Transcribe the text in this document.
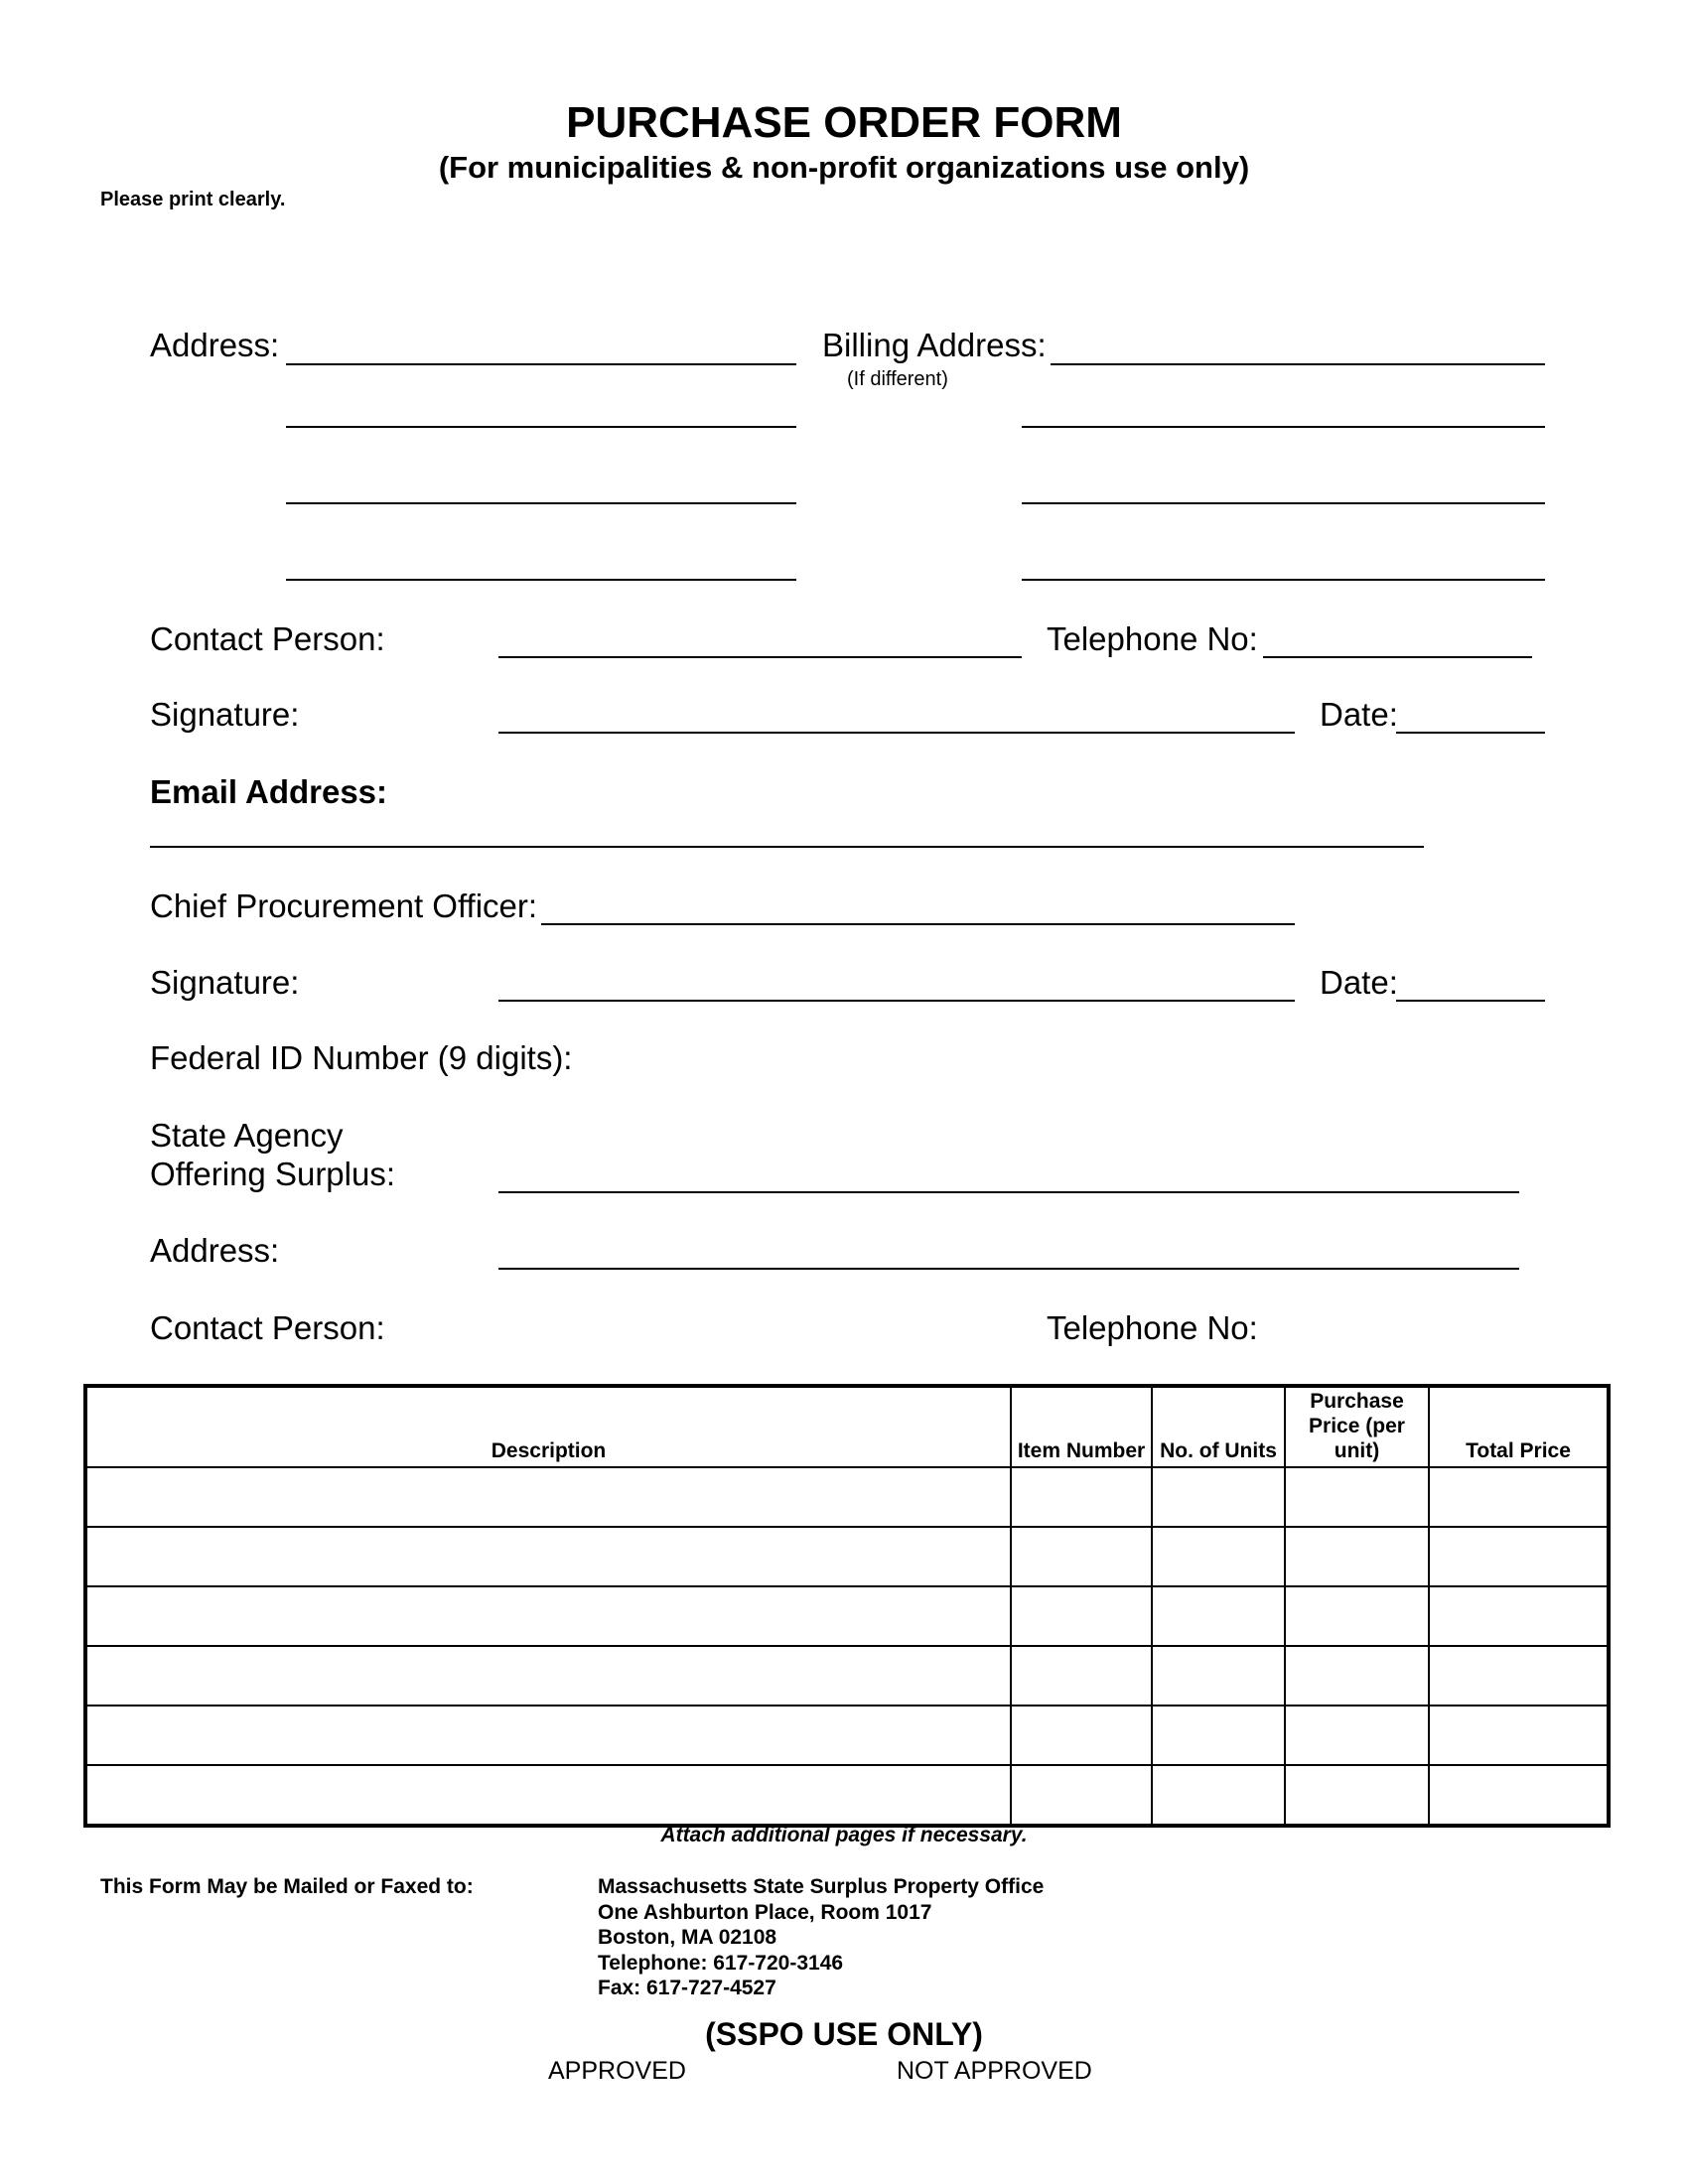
PURCHASE ORDER FORM
(For municipalities & non-profit organizations use only)
Please print clearly.
Address:	Billing Address:
(If different)
Contact Person:	Telephone No:
Signature:	Date:
Email Address:
Chief Procurement Officer:
Signature:	Date:
Federal ID Number (9 digits):
State Agency
Offering Surplus:
Address:
Contact Person:	Telephone No:
Description	Item Number	No. of Units	Purchase Price (per unit)	Total Price

Attach additional pages if necessary.
This Form May be Mailed or Faxed to:	Massachusetts State Surplus Property Office
One Ashburton Place, Room 1017
Boston, MA 02108
Telephone: 617-720-3146
Fax: 617-727-4527
(SSPO USE ONLY)
APPROVED	NOT APPROVED
